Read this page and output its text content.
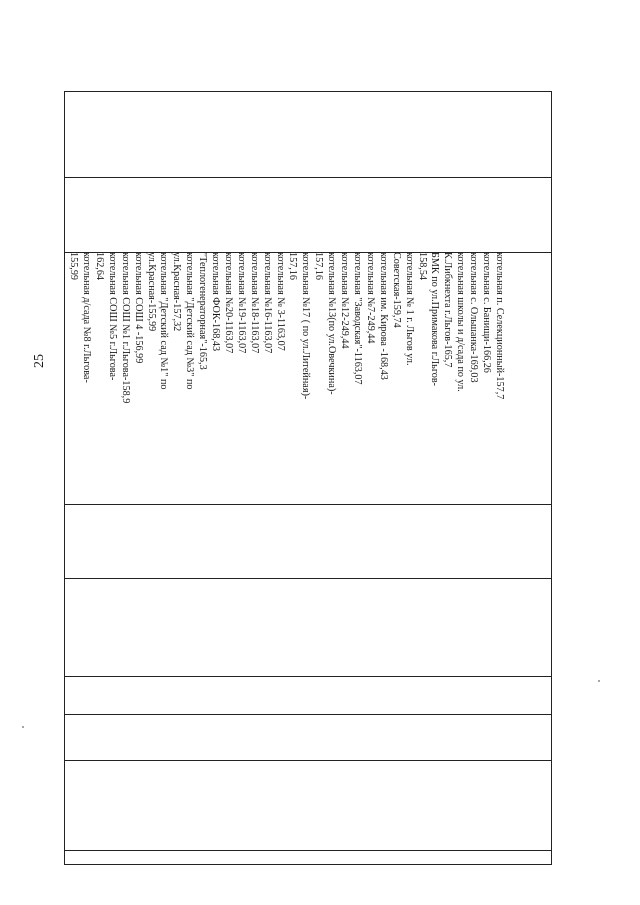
25	котельная п. Селекционный-157,7
котельная с. Банищи-166,26
котельная с. Ольшанка-169,03
котельная школы и д/сада по ул.
К.Либкнехта г.Льгов-165,7
БМК по ул.Примакова г.Льгов-
158,54
котельная № 1 г. Льгов ул.
Советская-159,74
котельная им. Кирова -168,43
котельная №7-249,44
котельная "Заводская"-1163,07
котельная №12-249,44
котельная №13(по ул.Овечкина)-
157,16
котельная №17 ( по ул.Литейная)-
157,16
котельная № 3-1163,07
котельная №16-1163,07
котельная №18-1163,07
котельная №19-1163,07
котельная №20-1163,07
котельная ФОК-168,43
"Теплогенераторная"-165,3
котельная "Детский сад №3" по
ул.Красная-157,32
котельная "Детский сад №1" по
ул.Красная-155,99
котельная СОШ 4 -156,99
котельная СОШ №1 г.Льгова-158,9
котельная СОШ №5 г.Льгова-
162,64
котельная д/сада №8 г.Льгова-
155,99
